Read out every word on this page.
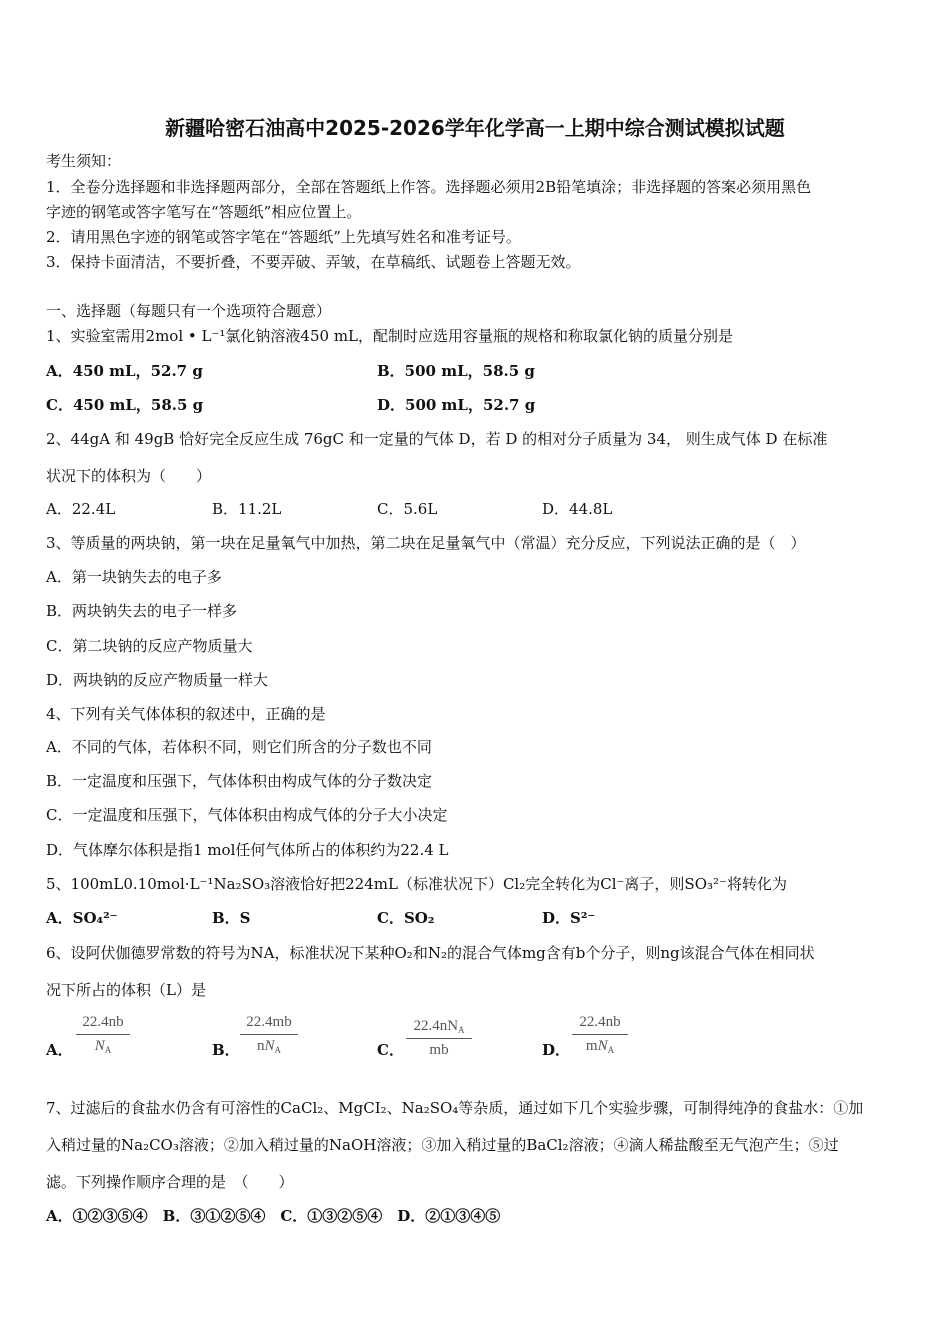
新疆哈密石油高中2025-2026学年化学高一上期中综合测试模拟试题
考生须知：
1．全卷分选择题和非选择题两部分，全部在答题纸上作答。选择题必须用2B铅笔填涂；非选择题的答案必须用黑色
字迹的钢笔或答字笔写在“答题纸”相应位置上。
2．请用黑色字迹的钢笔或答字笔在“答题纸”上先填写姓名和准考证号。
3．保持卡面清洁，不要折叠，不要弄破、弄皱，在草稿纸、试题卷上答题无效。
一、选择题（每题只有一个选项符合题意）
1、实验室需用2mol • L⁻¹氯化钠溶液450 mL，配制时应选用容量瓶的规格和称取氯化钠的质量分别是
A．450 mL，52.7 g	B．500 mL，58.5 g
C．450 mL，58.5 g	D．500 mL，52.7 g
2、44gA 和 49gB 恰好完全反应生成 76gC 和一定量的气体 D，若 D 的相对分子质量为 34， 则生成气体 D 在标准
状况下的体积为（　　）
A．22.4L	B．11.2L	C．5.6L	D．44.8L
3、等质量的两块钠，第一块在足量氧气中加热，第二块在足量氧气中（常温）充分反应，下列说法正确的是（　）
A．第一块钠失去的电子多
B．两块钠失去的电子一样多
C．第二块钠的反应产物质量大
D．两块钠的反应产物质量一样大
4、下列有关气体体积的叙述中，正确的是
A．不同的气体，若体积不同，则它们所含的分子数也不同
B．一定温度和压强下，气体体积由构成气体的分子数决定
C．一定温度和压强下，气体体积由构成气体的分子大小决定
D．气体摩尔体积是指1 mol任何气体所占的体积约为22.4 L
5、100mL0.10mol·L⁻¹Na₂SO₃溶液恰好把224mL（标准状况下）Cl₂完全转化为Cl⁻离子，则SO₃²⁻将转化为
A．SO₄²⁻	B．S	C．SO₂	D．S²⁻
6、设阿伏伽德罗常数的符号为NA，标准状况下某种O₂和N₂的混合气体mg含有b个分子，则ng该混合气体在相同状
况下所占的体积（L）是
A．
22.4nb
$N_A$	B．
22.4mb
$nN_A$	C．
$22.4nN_A$
mb	D．
22.4nb
$mN_A$
7、过滤后的食盐水仍含有可溶性的CaCl₂、MgCI₂、Na₂SO₄等杂质，通过如下几个实验步骤，可制得纯净的食盐水：①加
入稍过量的Na₂CO₃溶液；②加入稍过量的NaOH溶液；③加入稍过量的BaCl₂溶液；④滴人稀盐酸至无气泡产生；⑤过
滤。下列操作顺序合理的是　（　　）
A．①②③⑤④　B．③①②⑤④　C．①③②⑤④　D．②①③④⑤
